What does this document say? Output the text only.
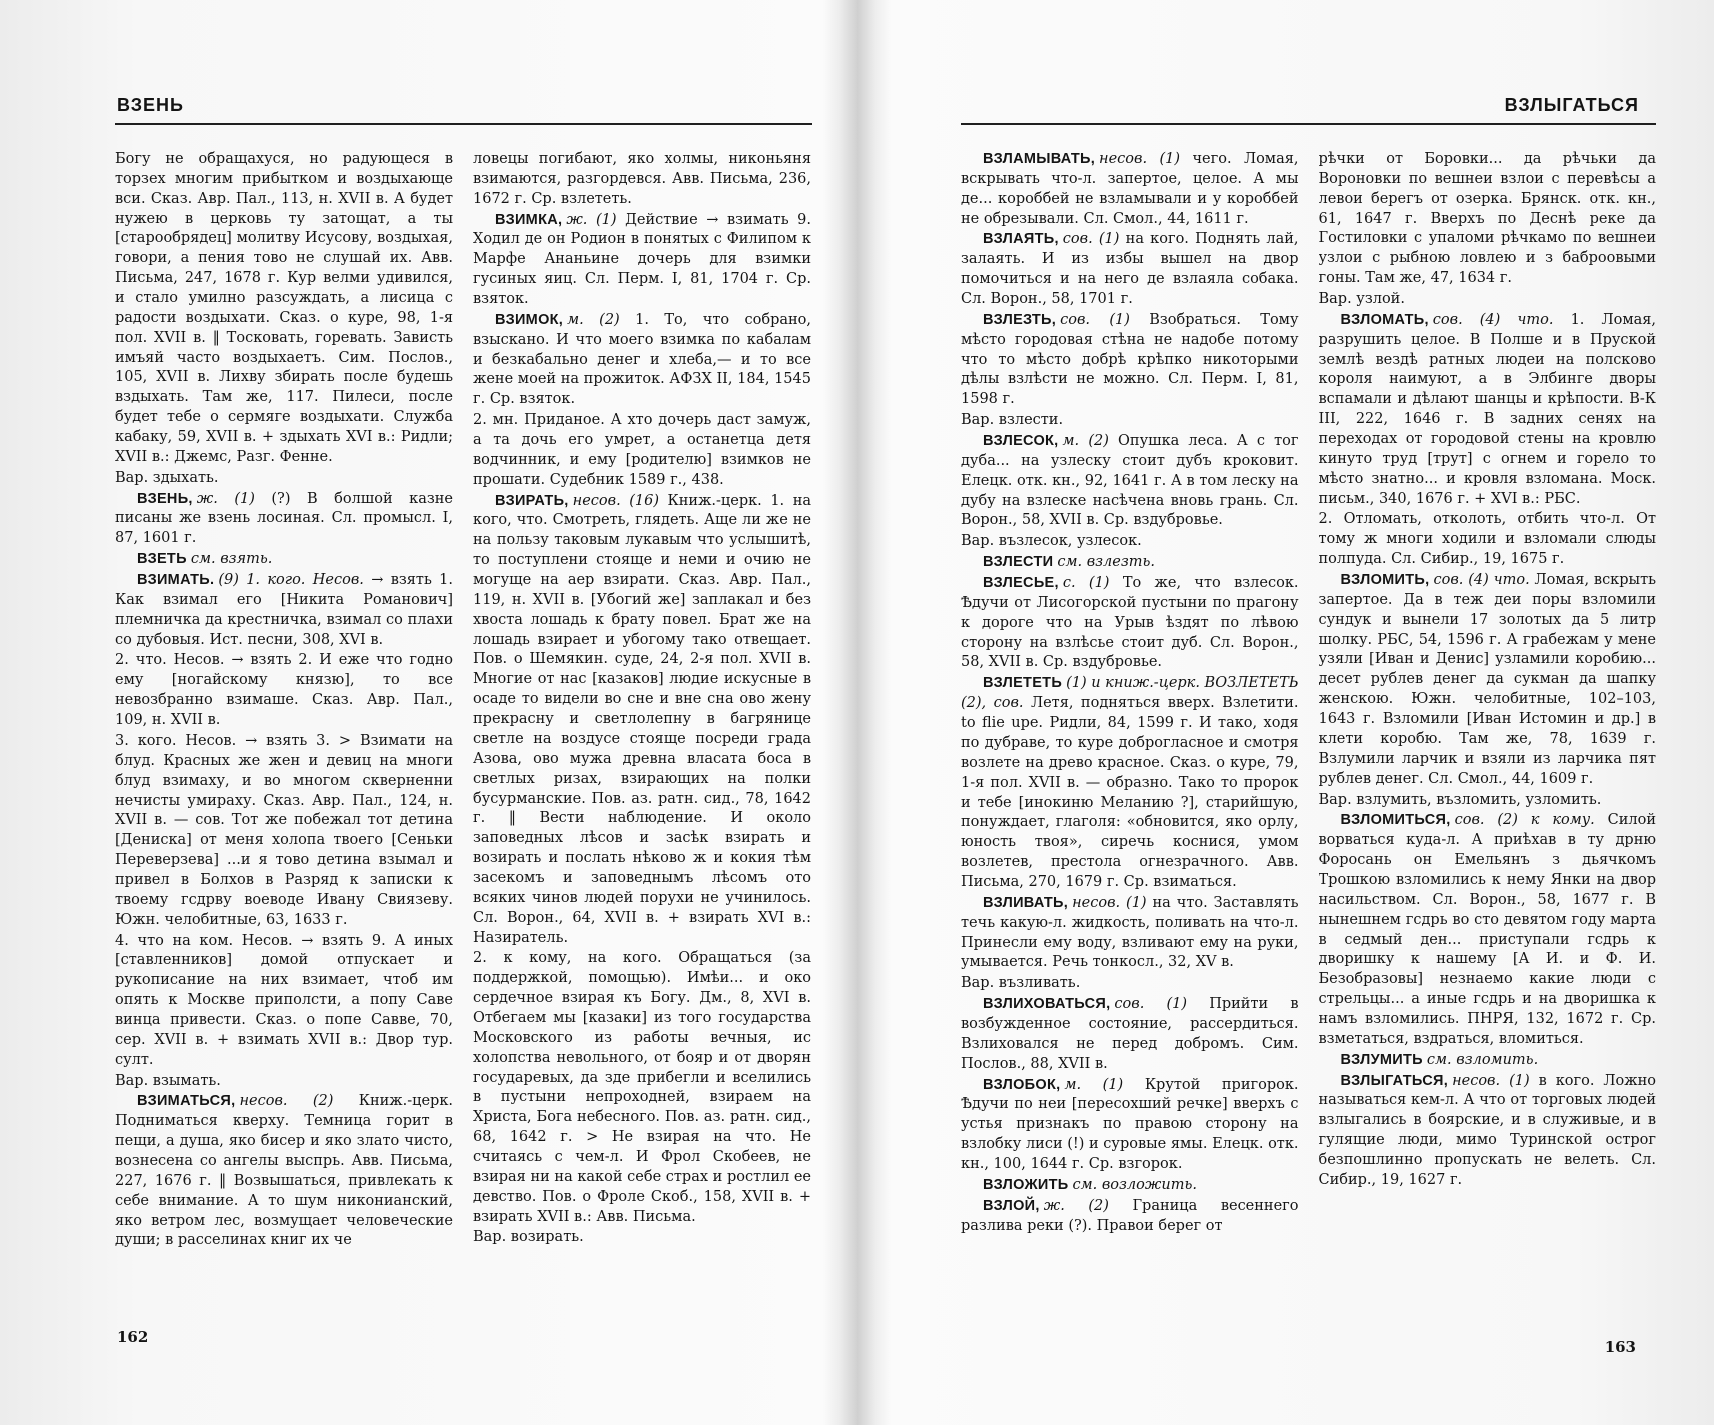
ВЗЕНЬ

Богу не обращахуся, но радующеся в торзех многим прибытком и воздыхающе вси. Сказ. Авр. Пал., 113, н. XVII в. А будет нужею в церковь ту затощат, а ты [старообрядец] молитву Исусову, воздыхая, говори, а пения тово не слушай их. Авв. Письма, 247, 1678 г. Кур велми удивился, и стало умилно разсуждать, а лисица с радости воздыхати. Сказ. о куре, 98, 1-я пол. XVII в. ‖ Тосковать, горевать. Зависть имъяй часто воздыхаетъ. Сим. Послов., 105, XVII в. Лихву збирать после будешь вздыхать. Там же, 117. Пилеси, после будет тебе о сермяге воздыхати. Служба кабаку, 59, XVII в. + здыхать XVI в.: Ридли; XVII в.: Джемс, Разг. Фенне.

Вар. здыхать.

ВЗЕНЬ, ж. (1) (?) В болшой казне писаны же взень лосиная. Сл. промысл. I, 87, 1601 г.

ВЗЕТЬ см. взять.

ВЗИМАТЬ. (9) 1. кого. Несов. → взять 1. Как взимал его [Никита Романович] племничка да крестничка, взимал со плахи со дубовыя. Ист. песни, 308, XVI в.

2. что. Несов. → взять 2. И еже что годно ему [ногайскому князю], то все невозбранно взимаше. Сказ. Авр. Пал., 109, н. XVII в.

3. кого. Несов. → взять 3. > Взимати на блуд. Красных же жен и девиц на многи блуд взимаху, и во многом скверненни нечисты умираху. Сказ. Авр. Пал., 124, н. XVII в. — сов. Тот же побежал тот детина [Дениска] от меня холопа твоего [Сеньки Переверзева] ...и я тово детина взымал и привел в Болхов в Разряд к записки к твоему гсдрву воеводе Ивану Свиязеву. Южн. челобитные, 63, 1633 г.

4. что на ком. Несов. → взять 9. А иных [ставленников] домой отпускает и рукописание на них взимает, чтоб им опять к Москве приполсти, а попу Саве винца привести. Сказ. о попе Савве, 70, сер. XVII в. + взимать XVII в.: Двор тур. султ.

Вар. взымать.

ВЗИМАТЬСЯ, несов. (2) Книж.-церк. Подниматься кверху. Темница горит в пещи, а душа, яко бисер и яко злато чисто, вознесена со ангелы выспрь. Авв. Письма, 227, 1676 г. ‖ Возвышаться, привлекать к себе внимание. А то шум никонианский, яко ветром лес, возмущает человеческие души; в расселинах книг их че

ловецы погибают, яко холмы, никоньяня взимаются, разгордевся. Авв. Письма, 236, 1672 г. Ср. взлететь.

ВЗИМКА, ж. (1) Действие → взимать 9. Ходил де он Родион в понятых с Филипом к Марфе Ананьине дочерь для взимки гусиных яиц. Сл. Перм. I, 81, 1704 г. Ср. взяток.

ВЗИМОК, м. (2) 1. То, что собрано, взыскано. И что моего взимка по кабалам и безкабально денег и хлеба,— и то все жене моей на прожиток. АФЗХ II, 184, 1545 г. Ср. взяток.

2. мн. Приданое. А хто дочерь даст замуж, а та дочь его умрет, а останетца детя водчинник, и ему [родителю] взимков не прошати. Судебник 1589 г., 438.

ВЗИРАТЬ, несов. (16) Книж.-церк. 1. на кого, что. Смотреть, глядеть. Аще ли же не на пользу таковым лукавым что услышитѣ, то поступлени стояще и неми и очию не могуще на аер взирати. Сказ. Авр. Пал., 119, н. XVII в. [Убогий же] заплакал и без хвоста лошадь к брату повел. Брат же на лошадь взирает и убогому тако отвещает. Пов. о Шемякин. суде, 24, 2-я пол. XVII в. Многие от нас [казаков] людие искусные в осаде то видели во сне и вне сна ово жену прекрасну и светлолепну в багрянице светле на воздусе стояще посреди града Азова, ово мужа древна власата боса в светлых ризах, взирающих на полки бусурманские. Пов. аз. ратн. сид., 78, 1642 г. ‖ Вести наблюдение. И около заповедных лѣсов и засѣк взирать и возирать и послать нѣково ж и кокия тѣм засекомъ и заповеднымъ лѣсомъ ото всяких чинов людей порухи не учинилось. Сл. Ворон., 64, XVII в. + взирать XVI в.: Назиратель.

2. к кому, на кого. Обращаться (за поддержкой, помощью). Имѣи... и око сердечное взирая къ Богу. Дм., 8, XVI в. Отбегаем мы [казаки] из того государства Московского из работы вечныя, ис холопства невольного, от бояр и от дворян государевых, да зде прибегли и вселились в пустыни непроходней, взираем на Христа, Бога небесного. Пов. аз. ратн. сид., 68, 1642 г. > Не взирая на что. Не считаясь с чем-л. И Фрол Скобеев, не взирая ни на какой себе страх и ростлил ее девство. Пов. о Фроле Скоб., 158, XVII в. + взирать XVII в.: Авв. Письма.

Вар. возирать.

162
ВЗЛЫГАТЬСЯ

ВЗЛАМЫВАТЬ, несов. (1) чего. Ломая, вскрывать что-л. запертое, целое. А мы де... короббей не взламывали и у короббей не обрезывали. Сл. Смол., 44, 1611 г.

ВЗЛАЯТЬ, сов. (1) на кого. Поднять лай, залаять. И из избы вышел на двор помочиться и на него де взлаяла собака. Сл. Ворон., 58, 1701 г.

ВЗЛЕЗТЬ, сов. (1) Взобраться. Тому мѣсто городовая стѣна не надобе потому что то мѣсто добрѣ крѣпко никоторыми дѣлы взлѣсти не можно. Сл. Перм. I, 81, 1598 г.

Вар. взлести.

ВЗЛЕСОК, м. (2) Опушка леса. А с тог дуба... на узлеску стоит дубъ кроковит. Елецк. отк. кн., 92, 1641 г. А в том леску на дубу на взлеске насѣчена вновь грань. Сл. Ворон., 58, XVII в. Ср. вздубровье.

Вар. възлесок, узлесок.

ВЗЛЕСТИ см. взлезть.

ВЗЛЕСЬЕ, с. (1) То же, что взлесок. Ѣдучи от Лисогорской пустыни по прагону к дороге что на Урыв ѣздят по лѣвою сторону на взлѣсье стоит дуб. Сл. Ворон., 58, XVII в. Ср. вздубровье.

ВЗЛЕТЕТЬ (1) и книж.-церк. ВОЗЛЕТЕТЬ (2), сов. Летя, подняться вверх. Взлетити. to flie upe. Ридли, 84, 1599 г. И тако, ходя по дубраве, то куре доброгласное и смотря возлете на древо красное. Сказ. о куре, 79, 1-я пол. XVII в. — образно. Тако то пророк и тебе [инокиню Меланию ?], старийшую, понуждает, глаголя: «обновится, яко орлу, юность твоя», сиречь коснися, умом возлетев, престола огнезрачного. Авв. Письма, 270, 1679 г. Ср. взиматься.

ВЗЛИВАТЬ, несов. (1) на что. Заставлять течь какую-л. жидкость, поливать на что-л. Принесли ему воду, взливают ему на руки, умывается. Речь тонкосл., 32, XV в.

Вар. възливать.

ВЗЛИХОВАТЬСЯ, сов. (1) Прийти в возбужденное состояние, рассердиться. Взлиховался не перед добромъ. Сим. Послов., 88, XVII в.

ВЗЛОБОК, м. (1) Крутой пригорок. Ѣдучи по неи [пересохший речке] вверхъ с устья признакъ по правою сторону на взлобку лиси (!) и суровые ямы. Елецк. отк. кн., 100, 1644 г. Ср. взгорок.

ВЗЛОЖИТЬ см. возложить.

ВЗЛОЙ, ж. (2) Граница весеннего разлива реки (?). Правои берег от

рѣчки от Боровки... да рѣчьки да Вороновки по вешнеи взлои с перевѣсы а левои берегъ от озерка. Брянск. отк. кн., 61, 1647 г. Вверхъ по Деснѣ реке да Гостиловки с упаломи рѣчкамо по вешнеи узлои с рыбною ловлею и з баброовыми гоны. Там же, 47, 1634 г.

Вар. узлой.

ВЗЛОМАТЬ, сов. (4) что. 1. Ломая, разрушить целое. В Полше и в Пруской землѣ вездѣ ратных людеи на полсково короля наимуют, а в Элбинге дворы вспамали и дѣлают шанцы и крѣпости. В-К III, 222, 1646 г. В задних сенях на переходах от городовой стены на кровлю кинуто труд [трут] с огнем и горело то мѣсто знатно... и кровля взломана. Моск. письм., 340, 1676 г. + XVI в.: РБС.

2. Отломать, отколоть, отбить что-л. От тому ж многи ходили и взломали слюды полпуда. Сл. Сибир., 19, 1675 г.

ВЗЛОМИТЬ, сов. (4) что. Ломая, вскрыть запертое. Да в теж деи поры взломили сундук и вынели 17 золотых да 5 литр шолку. РБС, 54, 1596 г. А грабежам у мене узяли [Иван и Денис] узламили коробию... десет рублев денег да сукман да шапку женскою. Южн. челобитные, 102–103, 1643 г. Взломили [Иван Истомин и др.] в клети коробю. Там же, 78, 1639 г. Взлумили ларчик и взяли из ларчика пят рублев денег. Сл. Смол., 44, 1609 г.

Вар. взлумить, възломить, узломить.

ВЗЛОМИТЬСЯ, сов. (2) к кому. Силой ворваться куда-л. А приѣхав в ту дрню Форосань он Емельянъ з дьячкомъ Трошкою взломились к нему Янки на двор насильством. Сл. Ворон., 58, 1677 г. В нынешнем гсдрь во сто девятом году марта в седмый ден... приступали гсдрь к дворишку к нашему [А И. и Ф. И. Безобразовы] незнаемо какие люди с стрельцы... а иные гсдрь и на дворишка к намъ взломились. ПНРЯ, 132, 1672 г. Ср. взметаться, вздраться, вломиться.

ВЗЛУМИТЬ см. взломить.

ВЗЛЫГАТЬСЯ, несов. (1) в кого. Ложно называться кем-л. А что от торговых людей взлыгались в боярские, и в служивые, и в гулящие люди, мимо Туринской острог безпошлинно пропускать не велеть. Сл. Сибир., 19, 1627 г.

163
